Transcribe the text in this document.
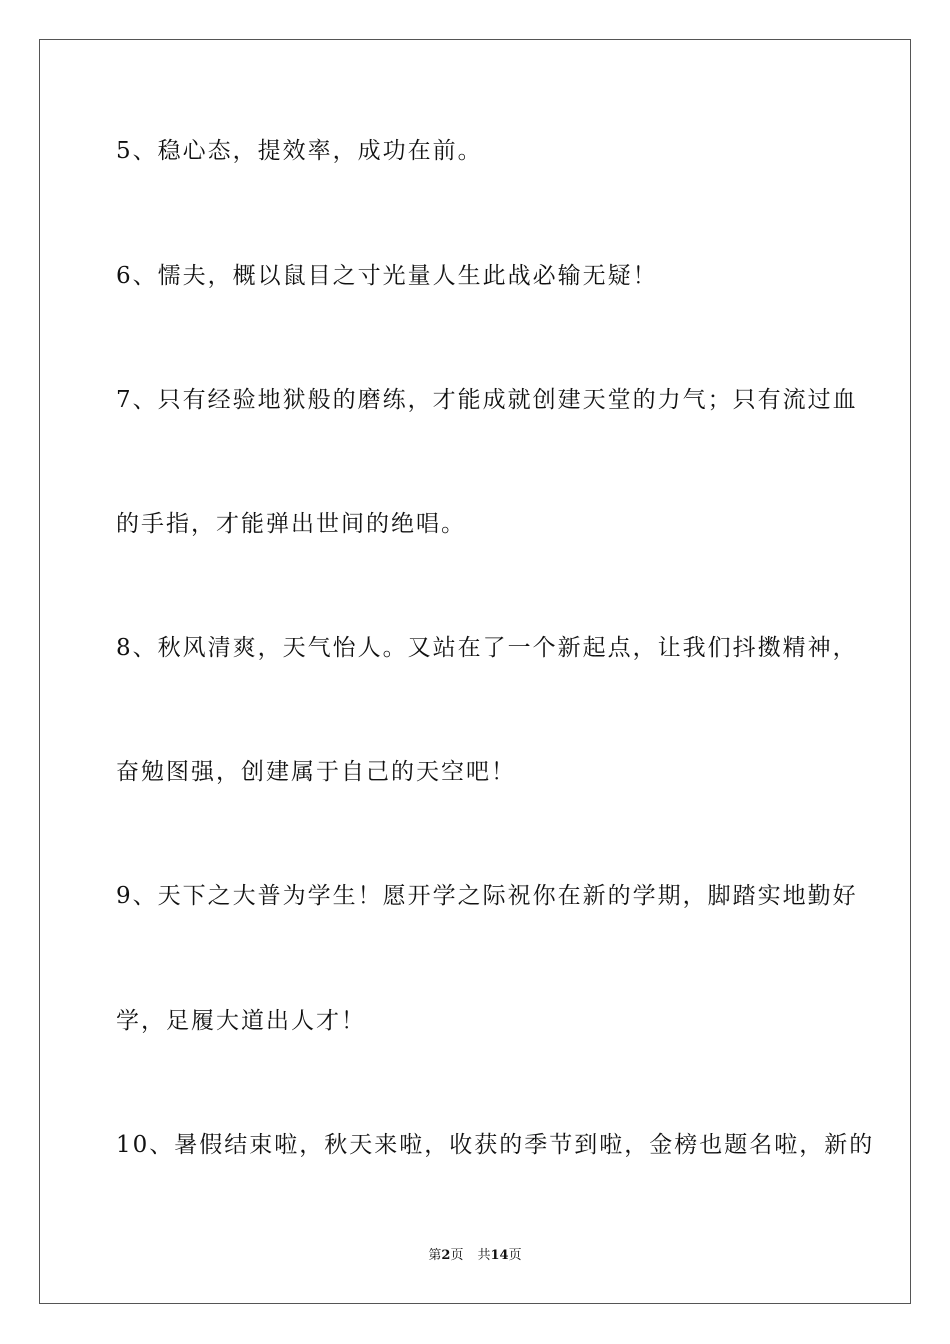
5、稳心态，提效率，成功在前。
6、懦夫，概以鼠目之寸光量人生此战必输无疑！
7、只有经验地狱般的磨练，才能成就创建天堂的力气；只有流过血
的手指，才能弹出世间的绝唱。
8、秋风清爽，天气怡人。又站在了一个新起点，让我们抖擞精神，
奋勉图强，创建属于自己的天空吧！
9、天下之大普为学生！愿开学之际祝你在新的学期，脚踏实地勤好
学，足履大道出人才！
10、暑假结束啦，秋天来啦，收获的季节到啦，金榜也题名啦，新的
第2页 共14页
